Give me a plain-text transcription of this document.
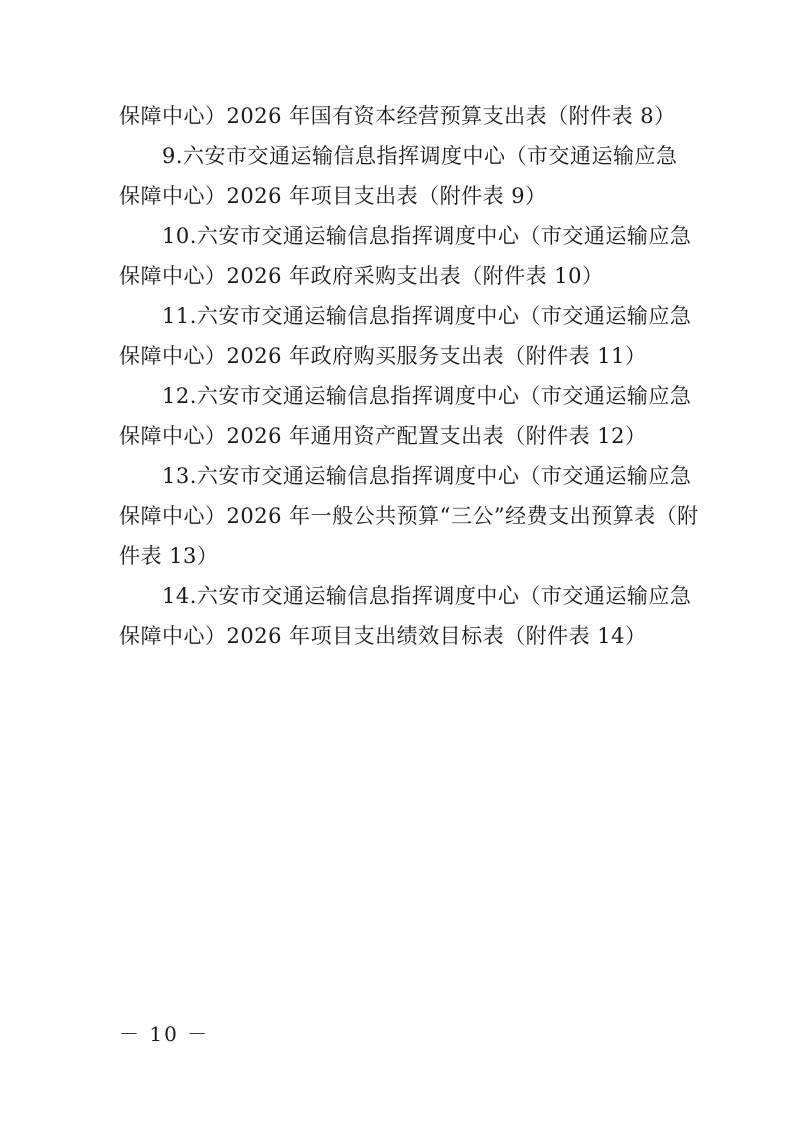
保障中心）2026 年国有资本经营预算支出表（附件表 8）
9.六安市交通运输信息指挥调度中心（市交通运输应急
保障中心）2026 年项目支出表（附件表 9）
10.六安市交通运输信息指挥调度中心（市交通运输应急
保障中心）2026 年政府采购支出表（附件表 10）
11.六安市交通运输信息指挥调度中心（市交通运输应急
保障中心）2026 年政府购买服务支出表（附件表 11）
12.六安市交通运输信息指挥调度中心（市交通运输应急
保障中心）2026 年通用资产配置支出表（附件表 12）
13.六安市交通运输信息指挥调度中心（市交通运输应急
保障中心）2026 年一般公共预算“三公”经费支出预算表（附
件表 13）
14.六安市交通运输信息指挥调度中心（市交通运输应急
保障中心）2026 年项目支出绩效目标表（附件表 14）
－ 10 －
